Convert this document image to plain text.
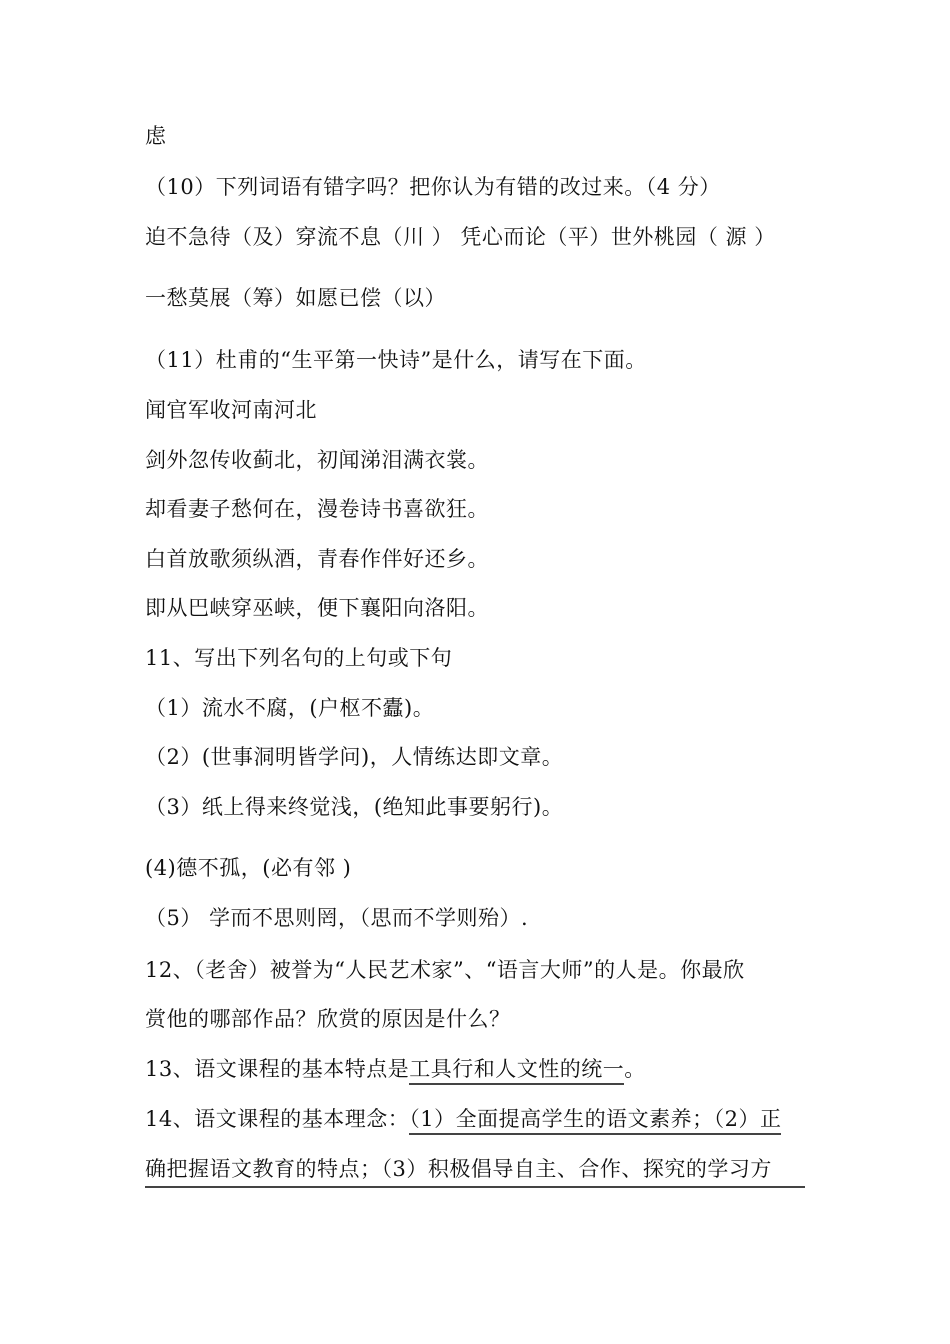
虑
（10）下列词语有错字吗？把你认为有错的改过来。（4 分）
迫不急待（及）穿流不息（川 ） 凭心而论（平）世外桃园（ 源 ）
一愁莫展（筹）如愿已偿（以）
（11）杜甫的“生平第一快诗”是什么，请写在下面。
闻官军收河南河北
剑外忽传收蓟北，初闻涕泪满衣裳。
却看妻子愁何在，漫卷诗书喜欲狂。
白首放歌须纵酒，青春作伴好还乡。
即从巴峡穿巫峡，便下襄阳向洛阳。
11、写出下列名句的上句或下句
（1）流水不腐，(户枢不蠹)。
（2）(世事洞明皆学问)，人情练达即文章。
（3）纸上得来终觉浅，(绝知此事要躬行)。
(4)德不孤，(必有邻 )
（5） 学而不思则罔，（思而不学则殆）.
12、（老舍）被誉为“人民艺术家”、“语言大师”的人是。你最欣
赏他的哪部作品？欣赏的原因是什么？
13、语文课程的基本特点是工具行和人文性的统一。
14、语文课程的基本理念：（1）全面提高学生的语文素养；（2）正
确把握语文教育的特点；（3）积极倡导自主、合作、探究的学习方
